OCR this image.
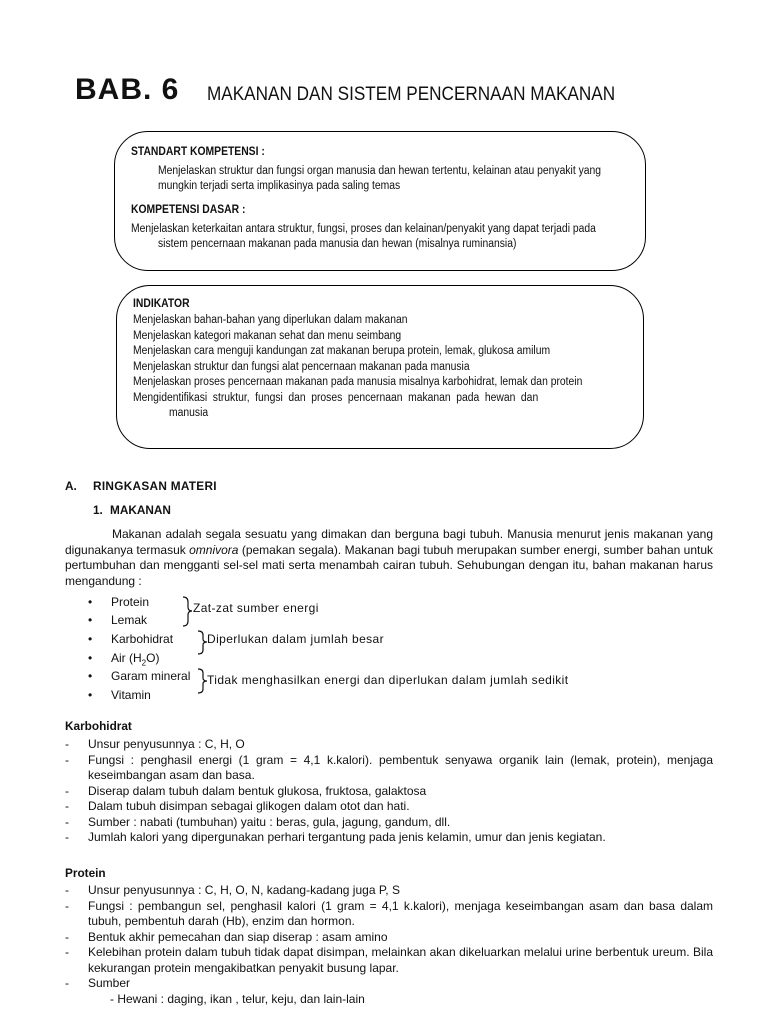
BAB. 6 MAKANAN DAN SISTEM PENCERNAAN MAKANAN
STANDART KOMPETENSI :
Menjelaskan struktur dan fungsi organ manusia dan hewan tertentu, kelainan atau penyakit yang
mungkin terjadi serta implikasinya pada saling temas
KOMPETENSI DASAR :
Menjelaskan keterkaitan antara struktur, fungsi, proses dan kelainan/penyakit yang dapat terjadi pada
sistem pencernaan makanan pada manusia dan hewan (misalnya ruminansia)
INDIKATOR
Menjelaskan bahan-bahan yang diperlukan dalam makanan
Menjelaskan kategori makanan sehat dan menu seimbang
Menjelaskan cara menguji kandungan zat makanan berupa protein, lemak, glukosa amilum
Menjelaskan struktur dan fungsi alat pencernaan makanan pada manusia
Menjelaskan proses pencernaan makanan pada manusia misalnya karbohidrat, lemak dan protein
Mengidentifikasi struktur, fungsi dan proses pencernaan makanan pada hewan dan
manusia
A. RINGKASAN MATERI
1. MAKANAN
Makanan adalah segala sesuatu yang dimakan dan berguna bagi tubuh. Manusia menurut jenis makanan yang digunakanya termasuk omnivora (pemakan segala). Makanan bagi tubuh merupakan sumber energi, sumber bahan untuk pertumbuhan dan mengganti sel-sel mati serta menambah cairan tubuh. Sehubungan dengan itu, bahan makanan harus mengandung :
• Protein
• Lemak
• Karbohidrat
• Air $(H_2O)$
• Garam mineral
• Vitamin
Zat-zat sumber energi
Diperlukan dalam jumlah besar
Tidak menghasilkan energi dan diperlukan dalam jumlah sedikit
Karbohidrat
- Unsur penyusunnya : C, H, O
- Fungsi : penghasil energi (1 gram = 4,1 k.kalori). pembentuk senyawa organik lain (lemak, protein), menjaga keseimbangan asam dan basa.
- Diserap dalam tubuh dalam bentuk glukosa, fruktosa, galaktosa
- Dalam tubuh disimpan sebagai glikogen dalam otot dan hati.
- Sumber : nabati (tumbuhan) yaitu : beras, gula, jagung, gandum, dll.
- Jumlah kalori yang dipergunakan perhari tergantung pada jenis kelamin, umur dan jenis kegiatan.
Protein
- Unsur penyusunnya : C, H, O, N, kadang-kadang juga P, S
- Fungsi : pembangun sel, penghasil kalori (1 gram = 4,1 k.kalori), menjaga keseimbangan asam dan basa dalam tubuh, pembentuh darah (Hb), enzim dan hormon.
- Bentuk akhir pemecahan dan siap diserap : asam amino
- Kelebihan protein dalam tubuh tidak dapat disimpan, melainkan akan dikeluarkan melalui urine berbentuk ureum. Bila kekurangan protein mengakibatkan penyakit busung lapar.
- Sumber
- Hewani : daging, ikan , telur, keju, dan lain-lain
